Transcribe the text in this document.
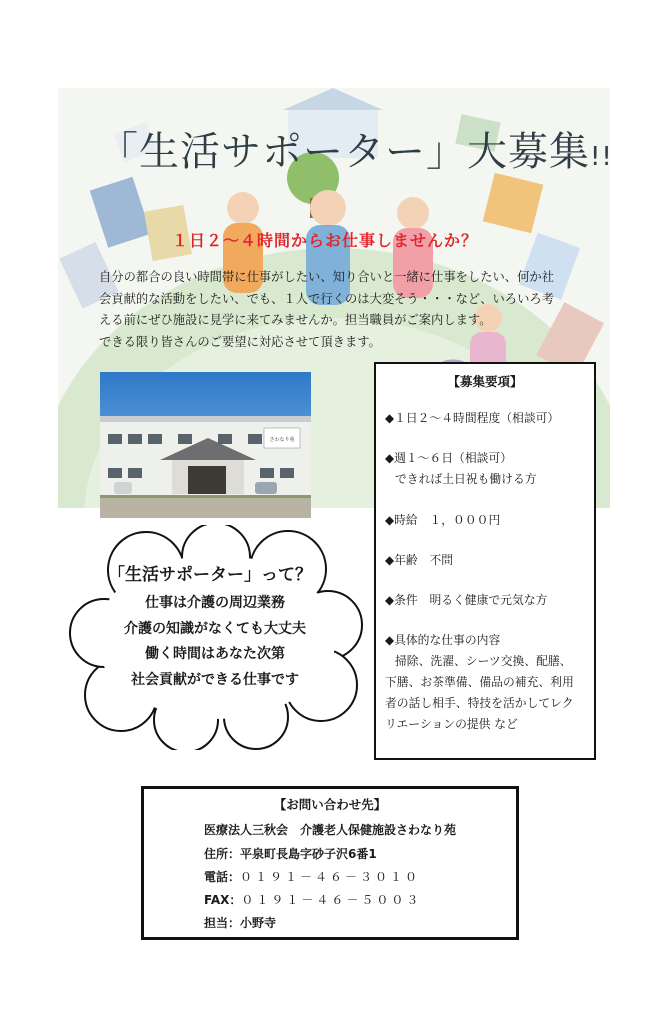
「生活サポーター」大募集!!
１日２～４時間からお仕事しませんか？
自分の都合の良い時間帯に仕事がしたい、知り合いと一緒に仕事をしたい、何か社
会貢献的な活動をしたい、でも、１人で行くのは大変そう・・・など、いろいろ考
える前にぜひ施設に見学に来てみませんか。担当職員がご案内します。
できる限り皆さんのご要望に対応させて頂きます。
さわなり苑
【募集要項】
◆１日２～４時間程度（相談可）
◆週１～６日（相談可）
できれば土日祝も働ける方
◆時給　１，０００円
◆年齢　不問
◆条件　明るく健康で元気な方
◆具体的な仕事の内容
掃除、洗濯、シーツ交換、配膳、
下膳、お茶準備、備品の補充、利用
者の話し相手、特技を活かしてレク
リエーションの提供 など
「生活サポーター」って？
仕事は介護の周辺業務
介護の知識がなくても大丈夫
働く時間はあなた次第
社会貢献ができる仕事です
【お問い合わせ先】
医療法人三秋会　介護老人保健施設さわなり苑
住所：平泉町長島字砂子沢6番1
電話：０１９１－４６－３０１０
FAX：０１９１－４６－５００３
担当：小野寺
